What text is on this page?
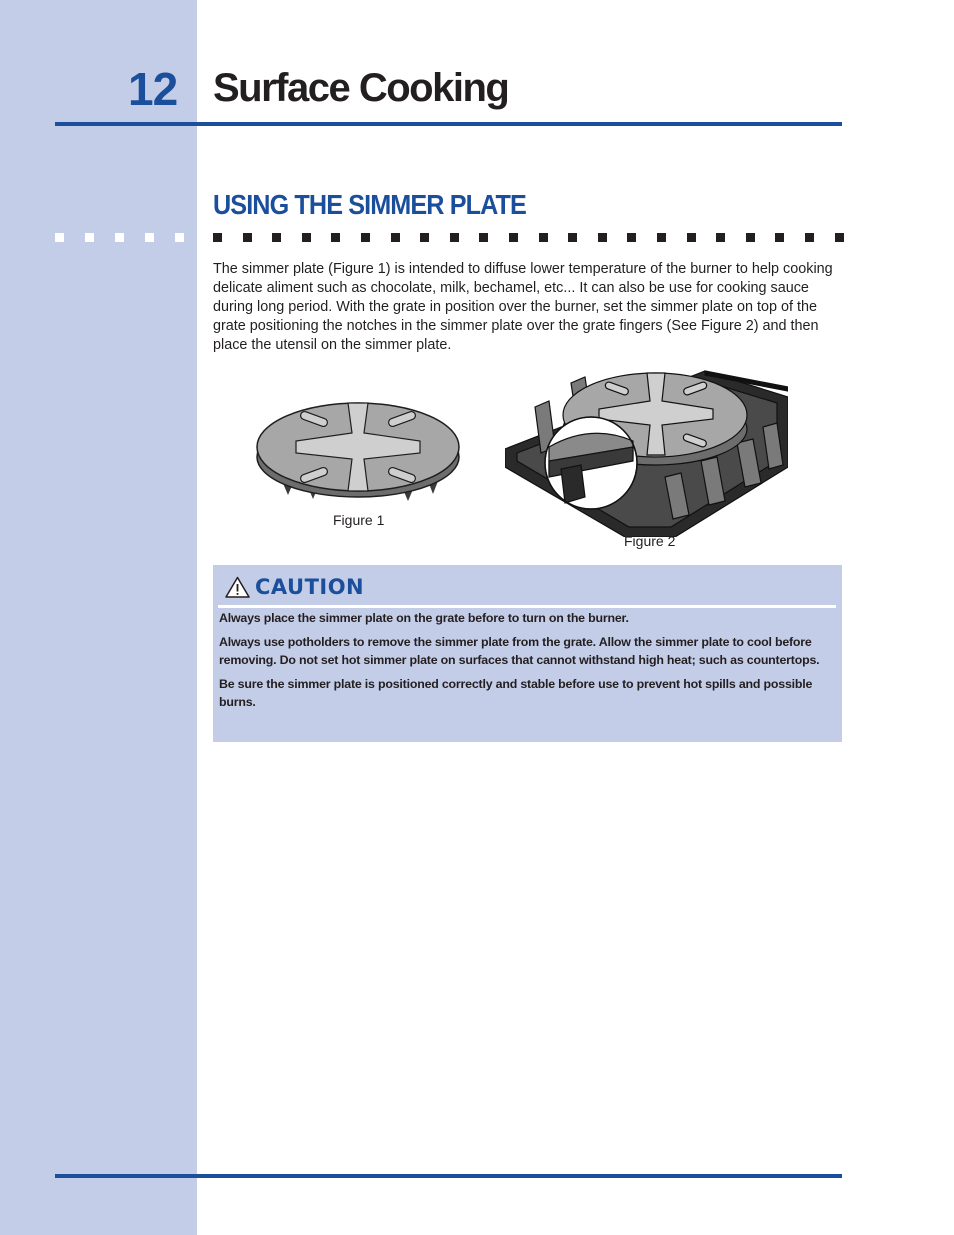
12 Surface Cooking
USING THE SIMMER PLATE

The simmer plate (Figure 1) is intended to diffuse lower temperature of the burner to help cooking delicate aliment such as chocolate, milk, bechamel, etc... It can also be use for cooking sauce during long period. With the grate in position over the burner, set the simmer plate on top of the grate positioning the notches in the simmer plate over the grate fingers (See Figure 2) and then place the utensil on the simmer plate.

Figure 1
Figure 2
CAUTION

Always place the simmer plate on the grate before to turn on the burner.

Always use potholders to remove the simmer plate from the grate. Allow the simmer plate to cool before removing. Do not set hot simmer plate on surfaces that cannot withstand high heat; such as countertops.

Be sure the simmer plate is positioned correctly and stable before use to prevent hot spills and possible burns.
